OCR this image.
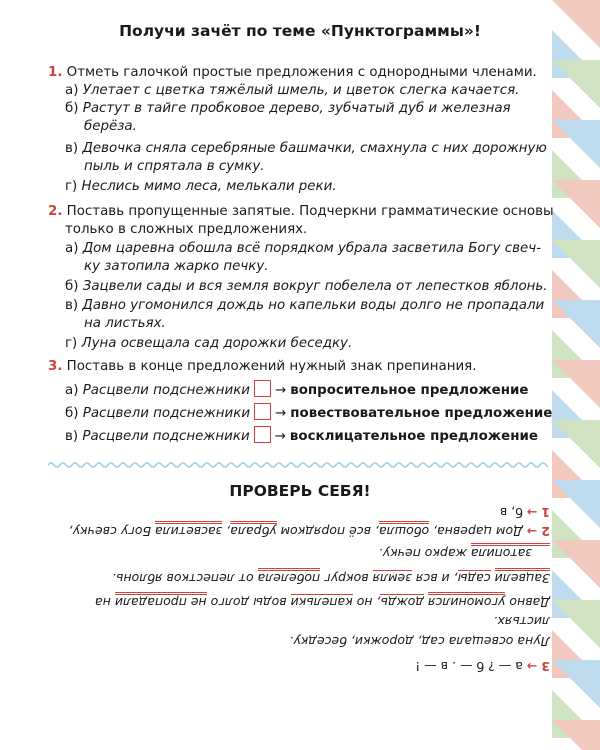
Получи зачёт по теме «Пунктограммы»!
1. Отметь галочкой простые предложения с однородными членами.
а) Улетает с цветка тяжёлый шмель, и цветок слегка качается.
б) Растут в тайге пробковое дерево, зубчатый дуб и железная
берёза.
в) Девочка сняла серебряные башмачки, смахнула с них дорожную
пыль и спрятала в сумку.
г) Неслись мимо леса, мелькали реки.
2. Поставь пропущенные запятые. Подчеркни грамматические основы
только в сложных предложениях.
а) Дом царевна обошла всё порядком убрала засветила Богу свеч-
ку затопила жарко печку.
б) Зацвели сады и вся земля вокруг побелела от лепестков яблонь.
в) Давно угомонился дождь но капельки воды долго не пропадали
на листьях.
г) Луна освещала сад дорожки беседку.
3. Поставь в конце предложений нужный знак препинания.
а) Расцвели подснежники → вопросительное предложение
б) Расцвели подснежники → повествовательное предложение
в) Расцвели подснежники → восклицательное предложение
ПРОВЕРЬ СЕБЯ!
3 → а — ? б — . в — !
Луна освещала сад, дорожки, беседку.
листьях.
Давно угомонился дождь, но капельки воды долго не пропадали на
Зацвели сады, и вся земля вокруг побелела от лепестков яблонь.
затопила жарко печку.
2 → Дом царевна, обошла, всё порядком убрала, засветила Богу свечку,
1 → б, в
